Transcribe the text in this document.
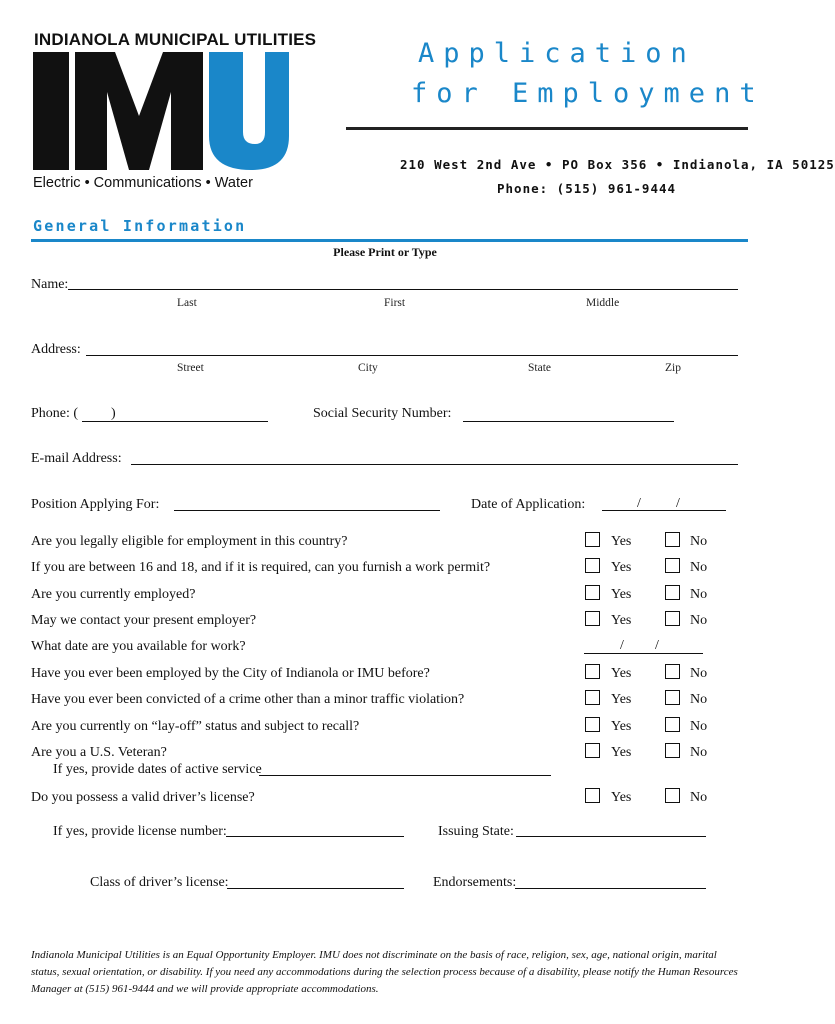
INDIANOLA MUNICIPAL UTILITIES
Electric • Communications • Water
Application
for Employment
210 West 2nd Ave • PO Box 356 • Indianola, IA 50125
Phone: (515) 961-9444
General Information
Please Print or Type
Name:
Last	First	Middle
Address:
Street	City	State	Zip
Phone: ( )	Social Security Number:
E-mail Address:
Position Applying For:	Date of Application:	/	/
Are you legally eligible for employment in this country?	Yes	No
If you are between 16 and 18, and if it is required, can you furnish a work permit?	Yes	No
Are you currently employed?	Yes	No
May we contact your present employer?	Yes	No
What date are you available for work?	/ /
Have you ever been employed by the City of Indianola or IMU before?	Yes	No
Have you ever been convicted of a crime other than a minor traffic violation?	Yes	No
Are you currently on “lay-off” status and subject to recall?	Yes	No
Are you a U.S. Veteran?	Yes	No
If yes, provide dates of active service
Do you possess a valid driver’s license?	Yes	No
If yes, provide license number:	Issuing State:
Class of driver’s license:	Endorsements:
Indianola Municipal Utilities is an Equal Opportunity Employer. IMU does not discriminate on the basis of race, religion, sex, age, national origin, marital status, sexual orientation, or disability. If you need any accommodations during the selection process because of a disability, please notify the Human Resources Manager at (515) 961-9444 and we will provide appropriate accommodations.
